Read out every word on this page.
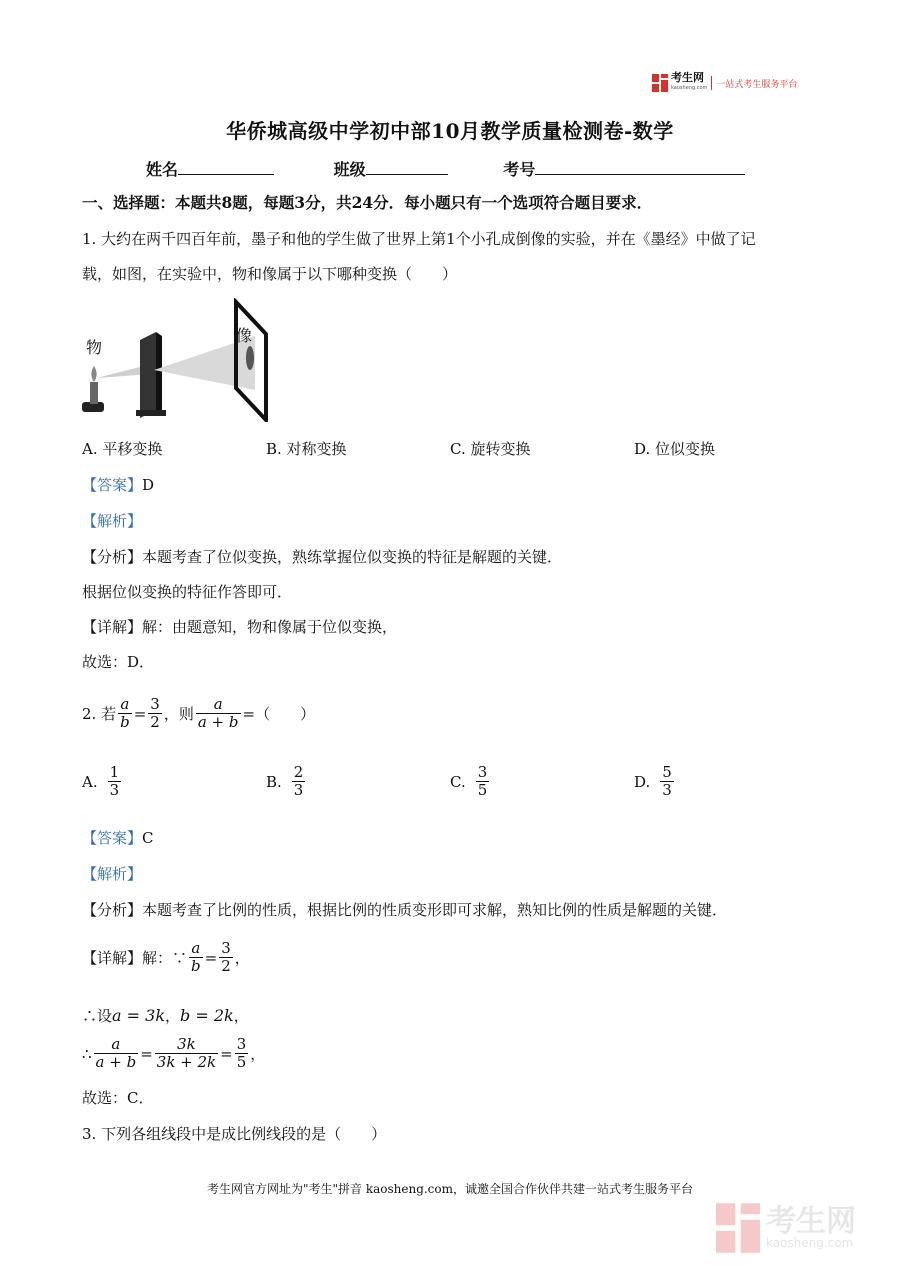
考生网
kaosheng.com 一站式考生服务平台
华侨城高级中学初中部10月教学质量检测卷-数学
姓名	班级	考号
一、选择题：本题共8题，每题3分，共24分．每小题只有一个选项符合题目要求．
1. 大约在两千四百年前，墨子和他的学生做了世界上第1个小孔成倒像的实验，并在《墨经》中做了记
载，如图，在实验中，物和像属于以下哪种变换（　　）
物
像
A. 平移变换	B. 对称变换	C. 旋转变换	D. 位似变换
【答案】D
【解析】
【分析】本题考查了位似变换，熟练掌握位似变换的特征是解题的关键．
根据位似变换的特征作答即可．
【详解】解：由题意知，物和像属于位似变换，
故选：D．
2. 若 $\frac{a}{b} = \frac{3}{2}$ ，则 $\frac{a}{a + b}$ =（　　）
A. $\frac{1}{3}$	B. $\frac{2}{3}$	C. $\frac{3}{5}$	D. $\frac{5}{3}$
【答案】C
【解析】
【分析】本题考查了比例的性质，根据比例的性质变形即可求解，熟知比例的性质是解题的关键．
【详解】 解：∵ $\frac{a}{b} = \frac{3}{2}$ ，
∴设a = 3k，b = 2k，
∴ $\frac{a}{a + b} = \frac{3k}{3k + 2k} = \frac{3}{5}$ ，
故选：C．
3. 下列各组线段中是成比例线段的是（　　）
考生网官方网址为"考生"拼音 kaosheng.com，诚邀全国合作伙伴共建一站式考生服务平台
考生网
kaosheng.com
